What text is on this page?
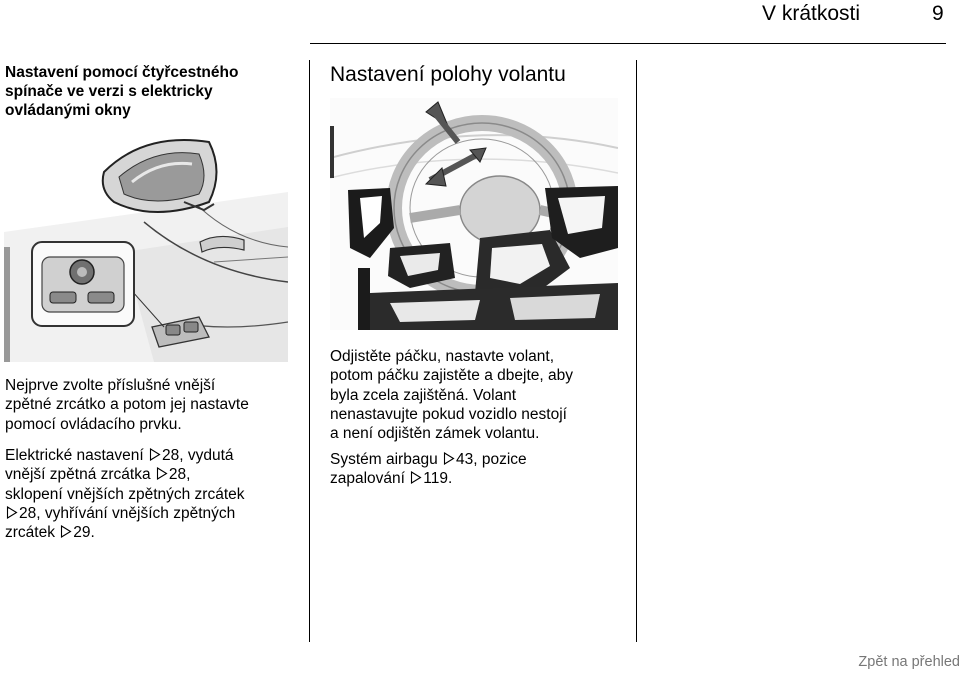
V krátkosti	9
Nastavení pomocí čtyřcestného
spínače ve verzi s elektricky
ovládanými okny
Nejprve zvolte příslušné vnější
zpětné zrcátko a potom jej nastavte
pomocí ovládacího prvku.
Elektrické nastavení 28, vydutá
vnější zpětná zrcátka 28,
sklopení vnějších zpětných zrcátek
28, vyhřívání vnějších zpětných
zrcátek 29.
Nastavení polohy volantu
Odjistěte páčku, nastavte volant,
potom páčku zajistěte a dbejte, aby
byla zcela zajištěná. Volant
nenastavujte pokud vozidlo nestojí
a není odjištěn zámek volantu.
Systém airbagu 43, pozice
zapalování 119.
Zpět na přehled
